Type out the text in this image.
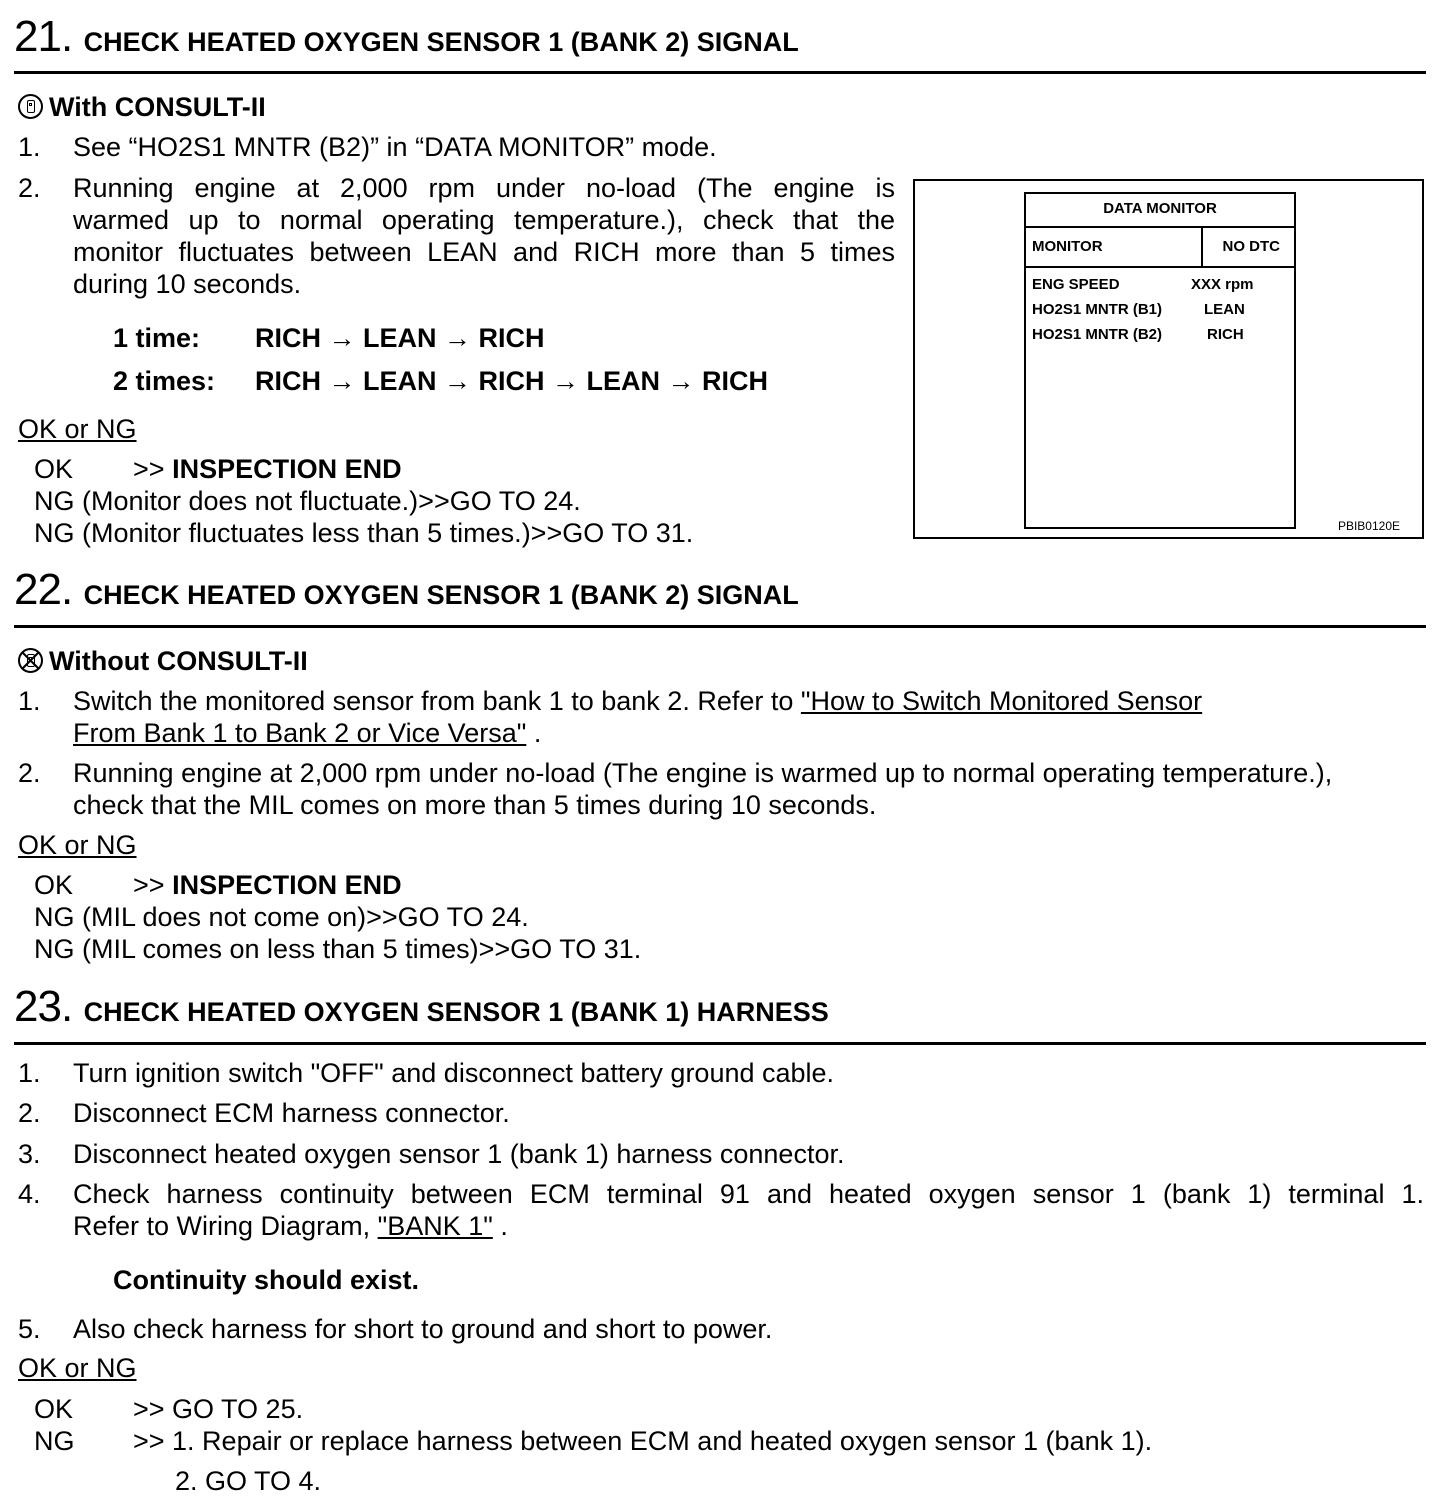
21. CHECK HEATED OXYGEN SENSOR 1 (BANK 2) SIGNAL
With CONSULT-II
1. See “HO2S1 MNTR (B2)” in “DATA MONITOR” mode.
2. Running engine at 2,000 rpm under no-load (The engine is
warmed up to normal operating temperature.), check that the
monitor fluctuates between LEAN and RICH more than 5 times
during 10 seconds.
1 time: RICH → LEAN → RICH
2 times: RICH → LEAN → RICH → LEAN → RICH
OK or NG
OK >> INSPECTION END
NG (Monitor does not fluctuate.)>>GO TO 24.
NG (Monitor fluctuates less than 5 times.)>>GO TO 31.
DATA MONITOR
MONITOR	NO DTC
ENG SPEED	XXX rpm
HO2S1 MNTR (B1)	LEAN
HO2S1 MNTR (B2)	RICH
PBIB0120E
22. CHECK HEATED OXYGEN SENSOR 1 (BANK 2) SIGNAL
Without CONSULT-II
1. Switch the monitored sensor from bank 1 to bank 2. Refer to "How to Switch Monitored Sensor
From Bank 1 to Bank 2 or Vice Versa" .
2. Running engine at 2,000 rpm under no-load (The engine is warmed up to normal operating temperature.),
check that the MIL comes on more than 5 times during 10 seconds.
OK or NG
OK >> INSPECTION END
NG (MIL does not come on)>>GO TO 24.
NG (MIL comes on less than 5 times)>>GO TO 31.
23. CHECK HEATED OXYGEN SENSOR 1 (BANK 1) HARNESS
1. Turn ignition switch "OFF" and disconnect battery ground cable.
2. Disconnect ECM harness connector.
3. Disconnect heated oxygen sensor 1 (bank 1) harness connector.
4. Check harness continuity between ECM terminal 91 and heated oxygen sensor 1 (bank 1) terminal 1.
Refer to Wiring Diagram, "BANK 1" .
Continuity should exist.
5. Also check harness for short to ground and short to power.
OK or NG
OK >> GO TO 25.
NG >> 1. Repair or replace harness between ECM and heated oxygen sensor 1 (bank 1).
2. GO TO 4.
